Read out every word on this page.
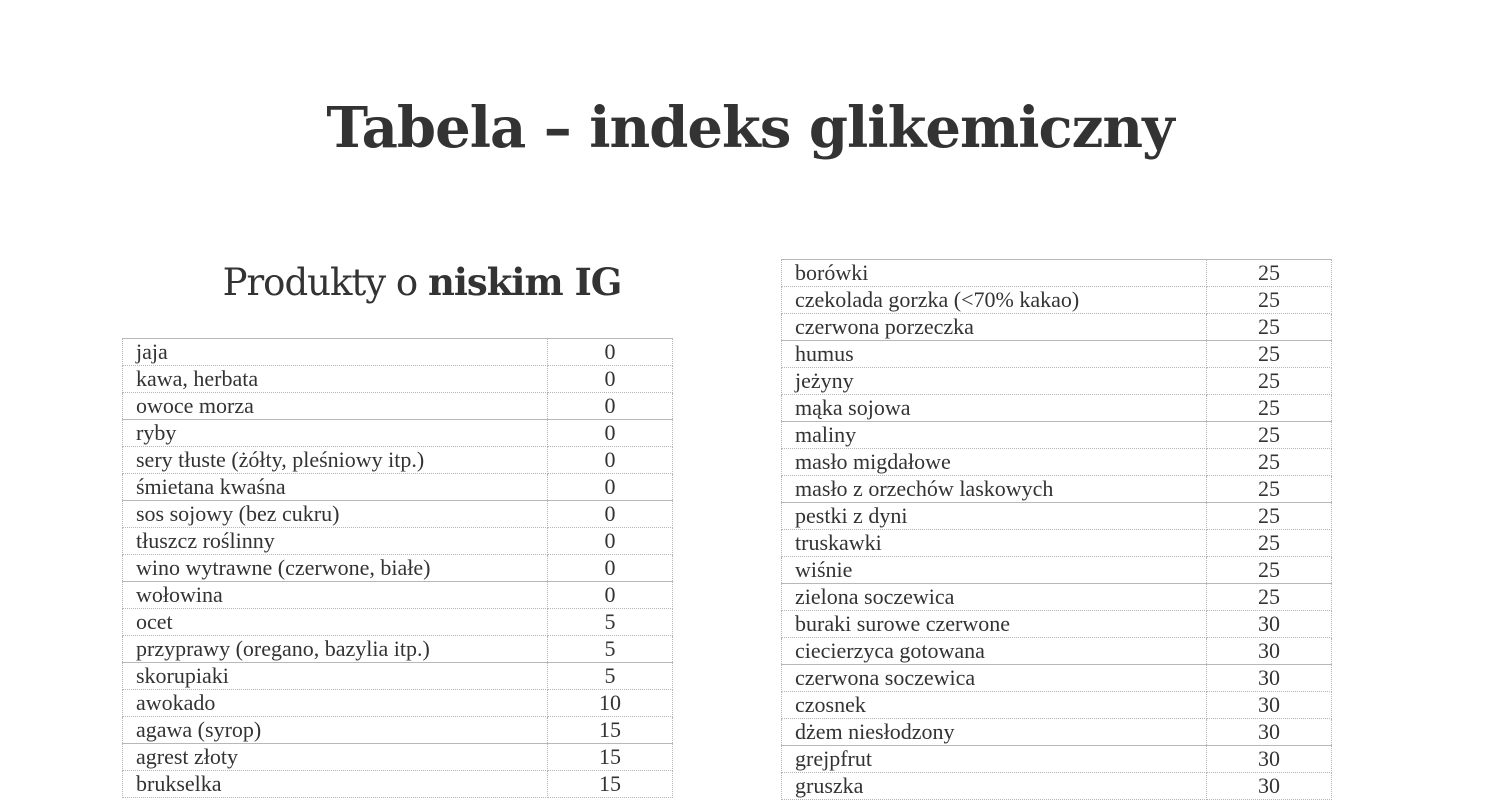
Tabela – indeks glikemiczny
Produkty o niskim IG
jaja	0
kawa, herbata	0
owoce morza	0
ryby	0
sery tłuste (żółty, pleśniowy itp.)	0
śmietana kwaśna	0
sos sojowy (bez cukru)	0
tłuszcz roślinny	0
wino wytrawne (czerwone, białe)	0
wołowina	0
ocet	5
przyprawy (oregano, bazylia itp.)	5
skorupiaki	5
awokado	10
agawa (syrop)	15
agrest złoty	15
brukselka	15
borówki	25
czekolada gorzka (<70% kakao)	25
czerwona porzeczka	25
humus	25
jeżyny	25
mąka sojowa	25
maliny	25
masło migdałowe	25
masło z orzechów laskowych	25
pestki z dyni	25
truskawki	25
wiśnie	25
zielona soczewica	25
buraki surowe czerwone	30
ciecierzyca gotowana	30
czerwona soczewica	30
czosnek	30
dżem niesłodzony	30
grejpfrut	30
gruszka	30
